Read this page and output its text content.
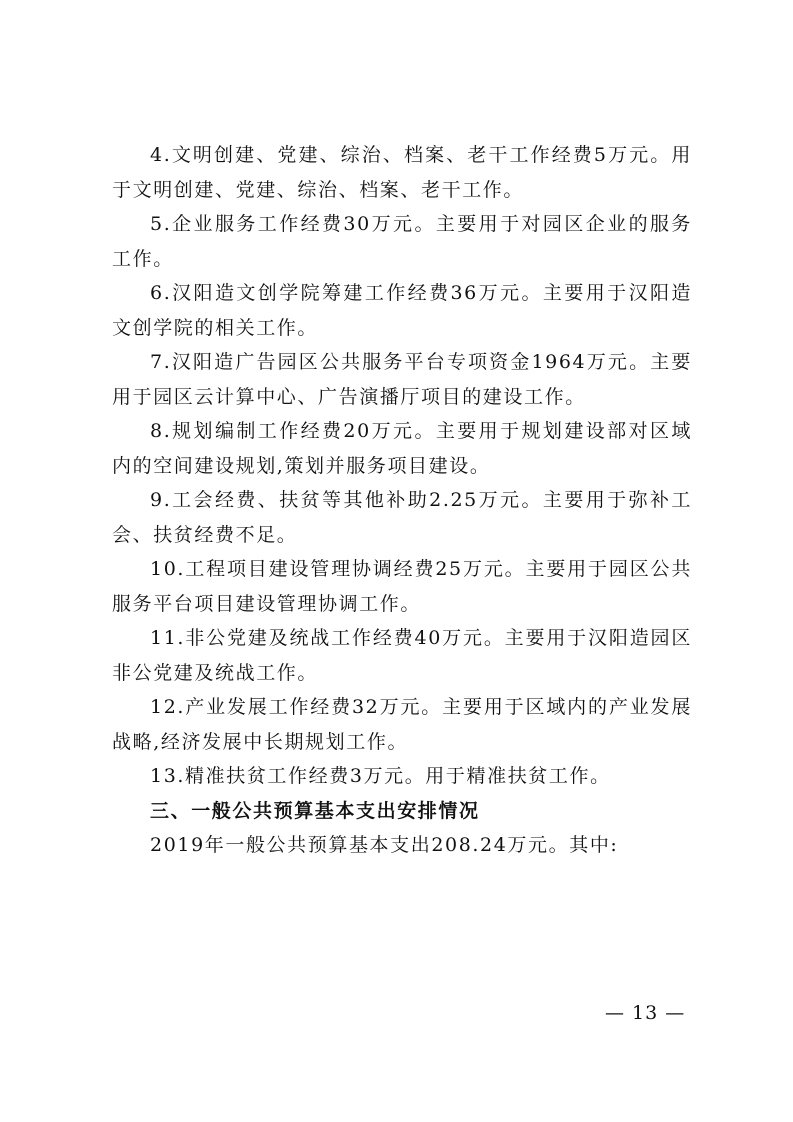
4.文明创建、党建、综治、档案、老干工作经费5万元。用于文明创建、党建、综治、档案、老干工作。

5.企业服务工作经费30万元。主要用于对园区企业的服务工作。

6.汉阳造文创学院筹建工作经费36万元。主要用于汉阳造文创学院的相关工作。

7.汉阳造广告园区公共服务平台专项资金1964万元。主要用于园区云计算中心、广告演播厅项目的建设工作。

8.规划编制工作经费20万元。主要用于规划建设部对区域内的空间建设规划,策划并服务项目建设。

9.工会经费、扶贫等其他补助2.25万元。主要用于弥补工会、扶贫经费不足。

10.工程项目建设管理协调经费25万元。主要用于园区公共服务平台项目建设管理协调工作。

11.非公党建及统战工作经费40万元。主要用于汉阳造园区非公党建及统战工作。

12.产业发展工作经费32万元。主要用于区域内的产业发展战略,经济发展中长期规划工作。

13.精准扶贫工作经费3万元。用于精准扶贫工作。

三、一般公共预算基本支出安排情况

2019年一般公共预算基本支出208.24万元。其中:

— 13 —
